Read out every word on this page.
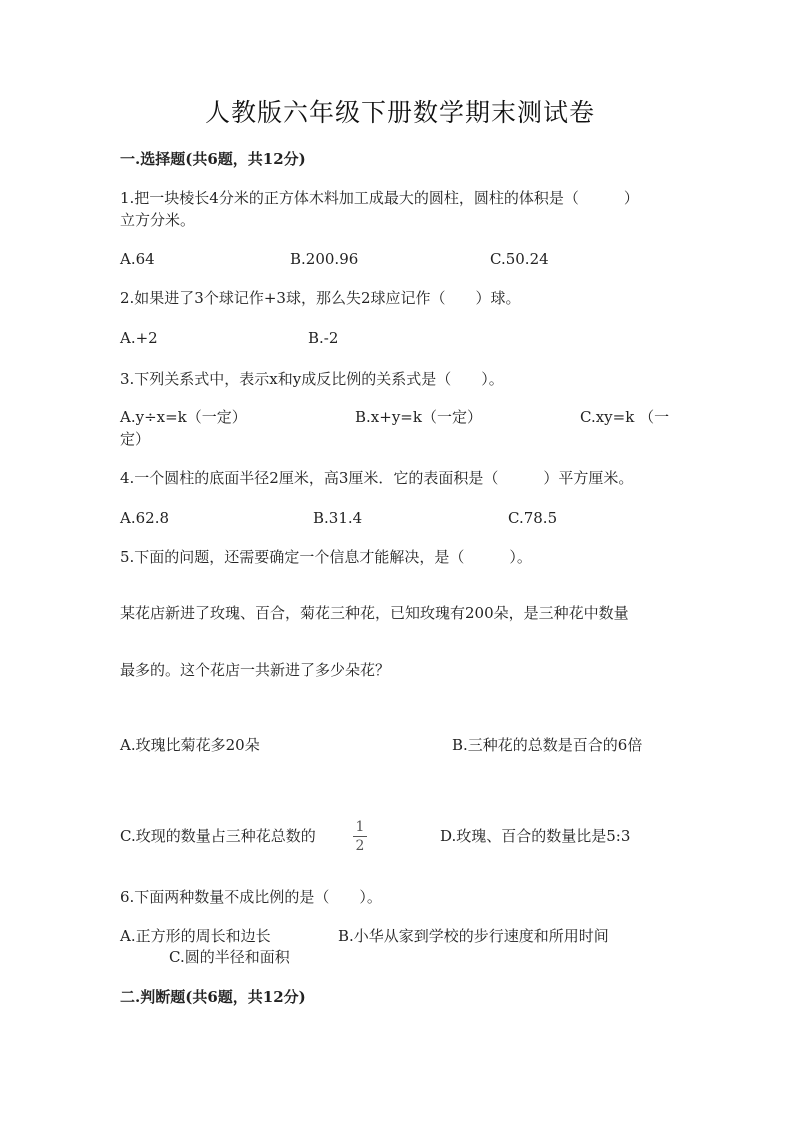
人教版六年级下册数学期末测试卷
一.选择题(共6题，共12分)
1.把一块棱长4分米的正方体木料加工成最大的圆柱，圆柱的体积是（　　　）
立方分米。
A.64	B.200.96	C.50.24
2.如果进了3个球记作+3球，那么失2球应记作（　　）球。
A.+2	B.-2
3.下列关系式中，表示x和y成反比例的关系式是（　　）。
A.y÷x=k（一定）	B.x+y=k（一定）	C.xy=k （一
定）
4.一个圆柱的底面半径2厘米，高3厘米．它的表面积是（　　　）平方厘米。
A.62.8	B.31.4	C.78.5
5.下面的问题，还需要确定一个信息才能解决，是（　　　）。
某花店新进了玫瑰、百合，菊花三种花，已知玫瑰有200朵，是三种花中数量
最多的。这个花店一共新进了多少朵花？
A.玫瑰比菊花多20朵	B.三种花的总数是百合的6倍
C.玫现的数量占三种花总数的	1
2
D.玫瑰、百合的数量比是5:3
6.下面两种数量不成比例的是（　　）。
A.正方形的周长和边长	B.小华从家到学校的步行速度和所用时间
C.圆的半径和面积
二.判断题(共6题，共12分)
